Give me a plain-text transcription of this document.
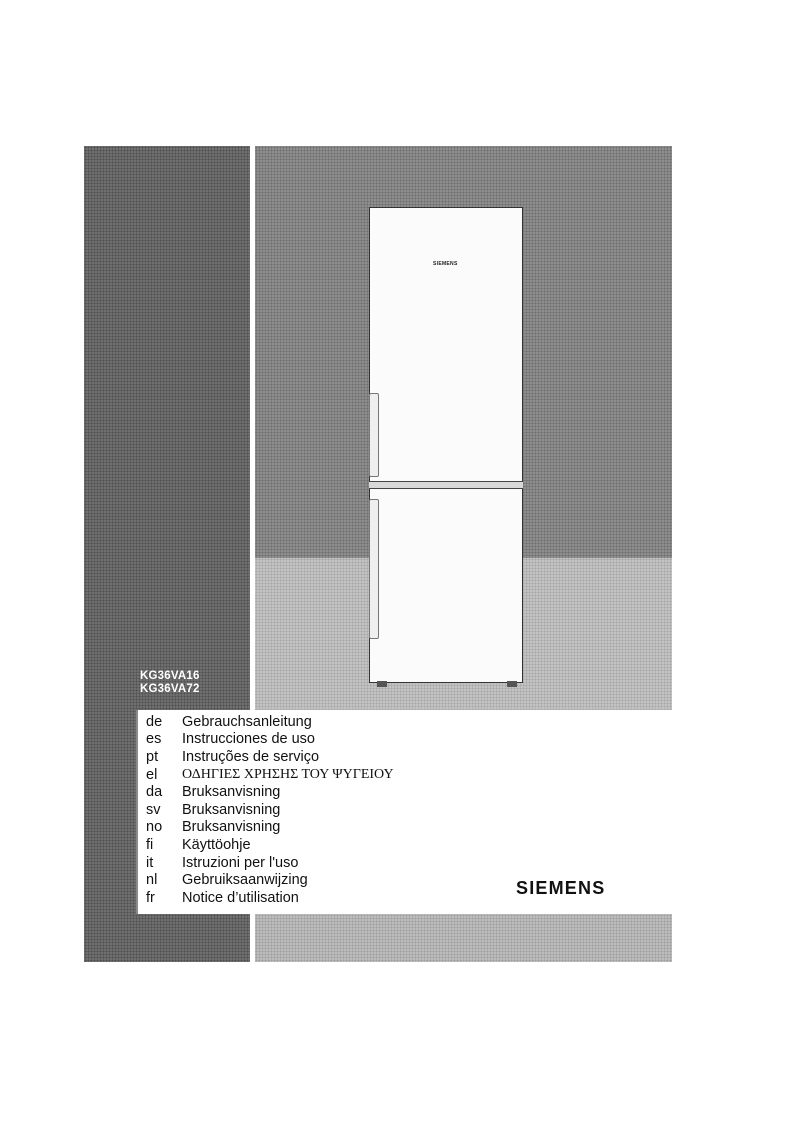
SIEMENS
KG36VA16
KG36VA72
de	Gebrauchsanleitung
es	Instrucciones de uso
pt	Instruções de serviço
el	ΟΔΗΓΙΕΣ ΧΡΗΣΗΣ ΤΟΥ ΨΥΓΕΙΟΥ
da	Bruksanvisning
sv	Bruksanvisning
no	Bruksanvisning
fi	Käyttöohje
it	Istruzioni per l'uso
nl	Gebruiksaanwijzing
fr	Notice d’utilisation	SIEMENS
